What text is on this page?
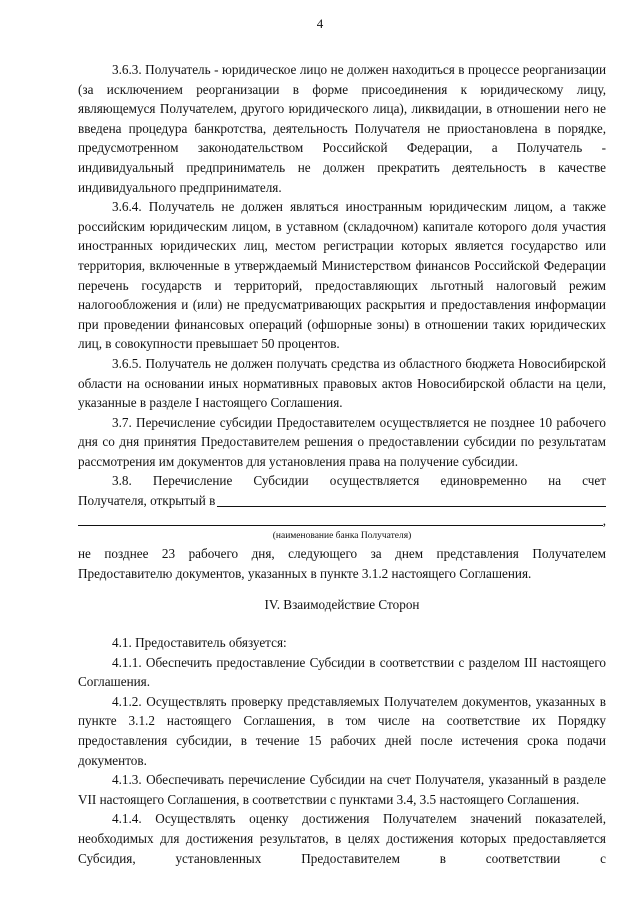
4

3.6.3. Получатель - юридическое лицо не должен находиться в процессе реорганизации (за исключением реорганизации в форме присоединения к юридическому лицу, являющемуся Получателем, другого юридического лица), ликвидации, в отношении него не введена процедура банкротства, деятельность Получателя не приостановлена в порядке, предусмотренном законодательством Российской Федерации, а Получатель - индивидуальный предприниматель не должен прекратить деятельность в качестве индивидуального предпринимателя.

3.6.4. Получатель не должен являться иностранным юридическим лицом, а также российским юридическим лицом, в уставном (складочном) капитале которого доля участия иностранных юридических лиц, местом регистрации которых является государство или территория, включенные в утверждаемый Министерством финансов Российской Федерации перечень государств и территорий, предоставляющих льготный налоговый режим налогообложения и (или) не предусматривающих раскрытия и предоставления информации при проведении финансовых операций (офшорные зоны) в отношении таких юридических лиц, в совокупности превышает 50 процентов.

3.6.5. Получатель не должен получать средства из областного бюджета Новосибирской области на основании иных нормативных правовых актов Новосибирской области на цели, указанные в разделе I настоящего Соглашения.

3.7. Перечисление субсидии Предоставителем осуществляется не позднее 10 рабочего дня со дня принятия Предоставителем решения о предоставлении субсидии по результатам рассмотрения им документов для установления права на получение субсидии.

3.8. Перечисление Субсидии осуществляется единовременно на счет

Получателя, открытый в
,

(наименование банка Получателя)

не позднее 23 рабочего дня, следующего за днем представления Получателем Предоставителю документов, указанных в пункте 3.1.2 настоящего Соглашения.

IV. Взаимодействие Сторон

4.1. Предоставитель обязуется:

4.1.1. Обеспечить предоставление Субсидии в соответствии с разделом III настоящего Соглашения.

4.1.2. Осуществлять проверку представляемых Получателем документов, указанных в пункте 3.1.2 настоящего Соглашения, в том числе на соответствие их Порядку предоставления субсидии, в течение 15 рабочих дней после истечения срока подачи документов.

4.1.3. Обеспечивать перечисление Субсидии на счет Получателя, указанный в разделе VII настоящего Соглашения, в соответствии с пунктами 3.4, 3.5 настоящего Соглашения.

4.1.4. Осуществлять оценку достижения Получателем значений показателей, необходимых для достижения результатов, в целях достижения которых предоставляется Субсидия, установленных Предоставителем в соответствии с
